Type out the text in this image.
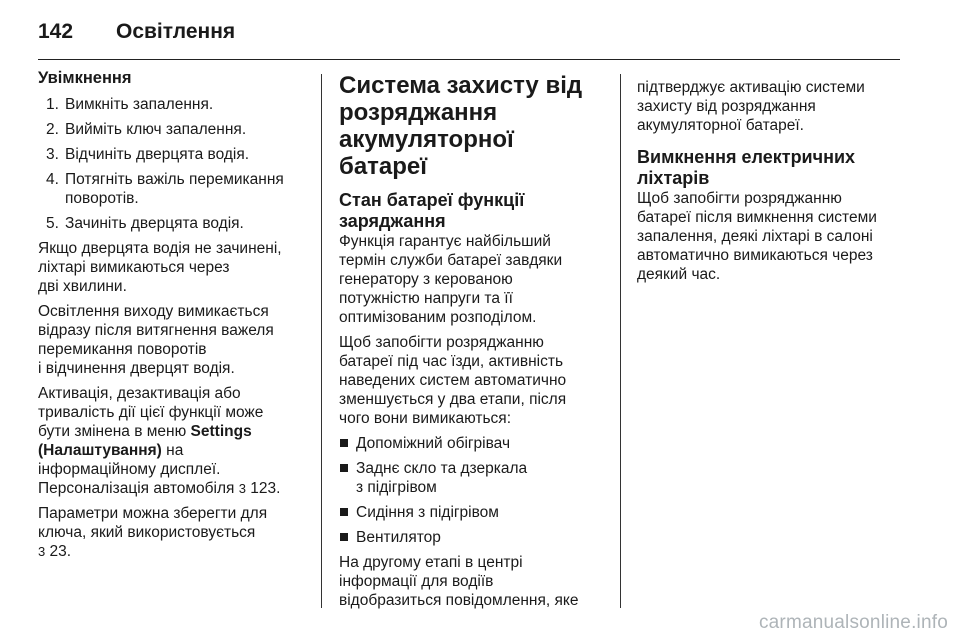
142 Освітлення
Увімкнення
1. Вимкніть запалення.
2. Вийміть ключ запалення.
3. Відчиніть дверцята водія.
4. Потягніть важіль перемикання
поворотів.
5. Зачиніть дверцята водія.

Якщо дверцята водія не зачинені,
ліхтарі вимикаються через
дві хвилини.

Освітлення виходу вимикається
відразу після витягнення важеля
перемикання поворотів
і відчинення дверцят водія.

Активація, дезактивація або
тривалість дії цієї функції може
бути змінена в меню Settings
(Налаштування) на
інформаційному дисплеї.
Персоналізація автомобіля 3 123.

Параметри можна зберегти для
ключа, який використовується
3 23.

Система захисту від
розряджання
акумуляторної батареї
Стан батареї функції
заряджання

Функція гарантує найбільший
термін служби батареї завдяки
генератору з керованою
потужністю напруги та її
оптимізованим розподілом.

Щоб запобігти розряджанню
батареї під час їзди, активність
наведених систем автоматично
зменшується у два етапи, після
чого вони вимикаються:

Допоміжний обігрівач
Заднє скло та дзеркала
з підігрівом
Сидіння з підігрівом
Вентилятор

На другому етапі в центрі
інформації для водіїв
відобразиться повідомлення, яке

підтверджує активацію системи
захисту від розряджання
акумуляторної батареї.

Вимкнення електричних
ліхтарів

Щоб запобігти розряджанню
батареї після вимкнення системи
запалення, деякі ліхтарі в салоні
автоматично вимикаються через
деякий час.

carmanualsonline.info
